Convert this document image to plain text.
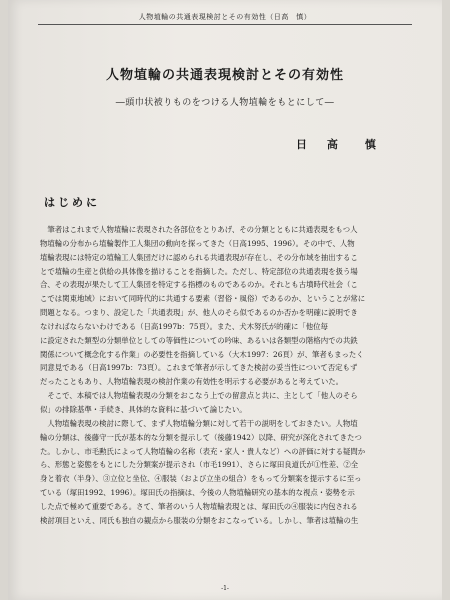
人物埴輪の共通表現検討とその有効性（日高　慎）
人物埴輪の共通表現検討とその有効性
―頭巾状被りものをつける人物埴輪をもとにして―
日 高　慎
はじめに
　筆者はこれまで人物埴輪に表現された各部位をとりあげ、その分類とともに共通表現をもつ人
物埴輪の分布から埴輪製作工人集団の動向を探ってきた（日高1995、1996）。その中で、人物
埴輪表現には特定の埴輪工人集団だけに認められる共通表現が存在し、その分布域を抽出するこ
とで埴輪の生産と供給の具体像を描けることを指摘した。ただし、特定部位の共通表現を扱う場
合、その表現が果たして工人集団を特定する指標のものであるのか。それとも古墳時代社会（こ
こでは関東地域）において同時代的に共通する要素（習俗・風俗）であるのか、ということが常に
問題となる。つまり、設定した「共通表現」が、他人のそら似であるのか否かを明確に説明でき
なければならないわけである（日高1997b：75頁）。また、犬木努氏が的確に「他位毎
に設定された類型の分類単位としての等価性についての吟味、あるいは各類型の階格内での共鉄
関係について概念化する作業」の必要性を指摘している（大木1997：26頁）が、筆者もまったく
同意見である（日高1997b：73頁）。これまで筆者が示してきた検討の妥当性について否定もず
だったこともあり、人物埴輪表現の検討作業の有効性を明示する必要があると考えていた。
　そこで、本稿では人物埴輪表現の分類をおこなう上での留意点と共に、主として「他人のそら
似」の排除基準・手続き、具体的な資料に基づいて論じたい。
　人物埴輪表現の検討に際して、まず人物埴輪分類に対して若干の説明をしておきたい。人物埴
輪の分類は、後藤守一氏が基本的な分類を提示して（後藤1942）以降、研究が深化されてきたつ
た。しかし、市毛勲氏によって人物埴輪の名称（表充・家人・貴人など）への評価に対する疑問か
ら、形態と姿態をもとにした分類案が提示され（市毛1991）、さらに塚田良道氏が①性差、②全
身と着衣（半身）、③立位と坐位、④服装（および立坐の組合）をもって分類案を提示するに至っ
ている（塚田1992、1996）。塚田氏の指摘は、今後の人物埴輪研究の基本的な視点・姿勢を示
した点で極めて重要である。さて、筆者のいう人物埴輪表現とは、塚田氏の④服装に内包される
検討項目といえ、同氏も独自の観点から服装の分類をおこなっている。しかし、筆者は埴輪の生
-1-
